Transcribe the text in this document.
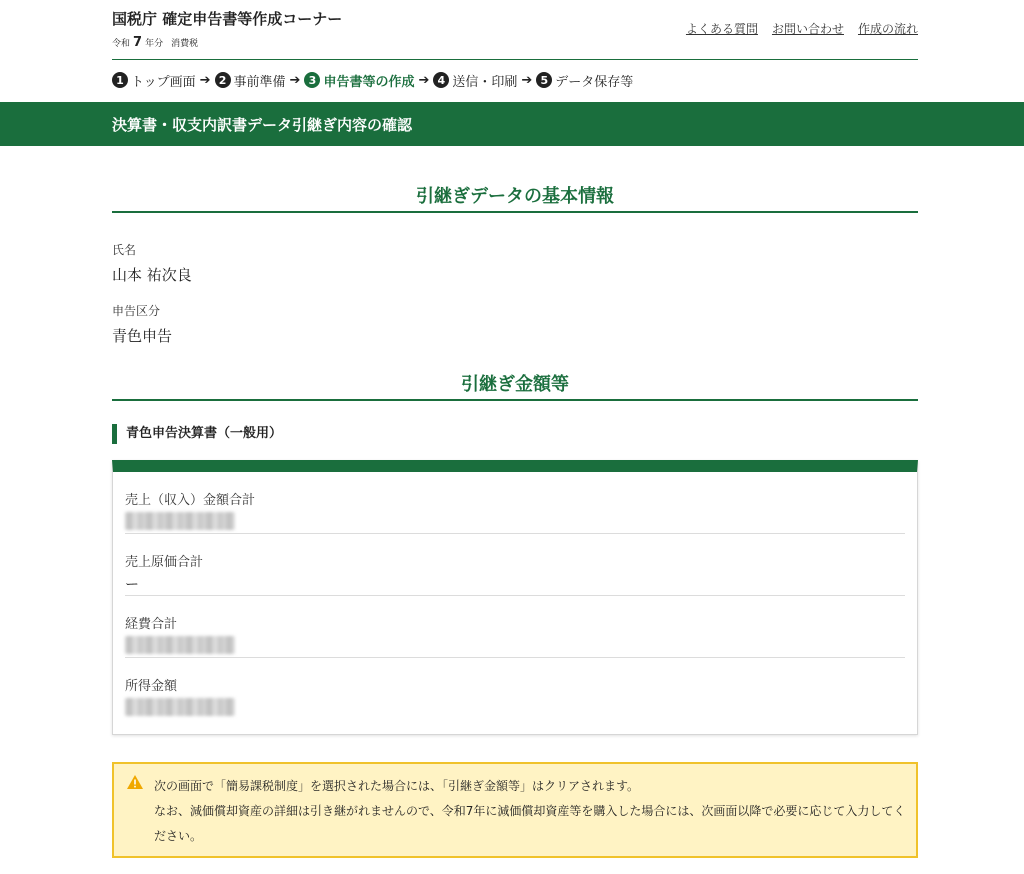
国税庁 確定申告書等作成コーナー
令和 7 年分 消費税
よくある質問 お問い合わせ 作成の流れ
1 トップ画面 ➔ 2 事前準備 ➔ 3 申告書等の作成 ➔ 4 送信・印刷 ➔ 5 データ保存等
決算書・収支内訳書データ引継ぎ内容の確認
引継ぎデータの基本情報
氏名
山本 祐次良
申告区分
青色申告
引継ぎ金額等
青色申告決算書（一般用）
売上（収入）金額合計
売上原価合計
ー
経費合計
所得金額
次の画面で「簡易課税制度」を選択された場合には、「引継ぎ金額等」はクリアされます。
なお、減価償却資産の詳細は引き継がれませんので、令和7年に減価償却資産等を購入した場合には、次画面以降で必要に応じて入力してください。
